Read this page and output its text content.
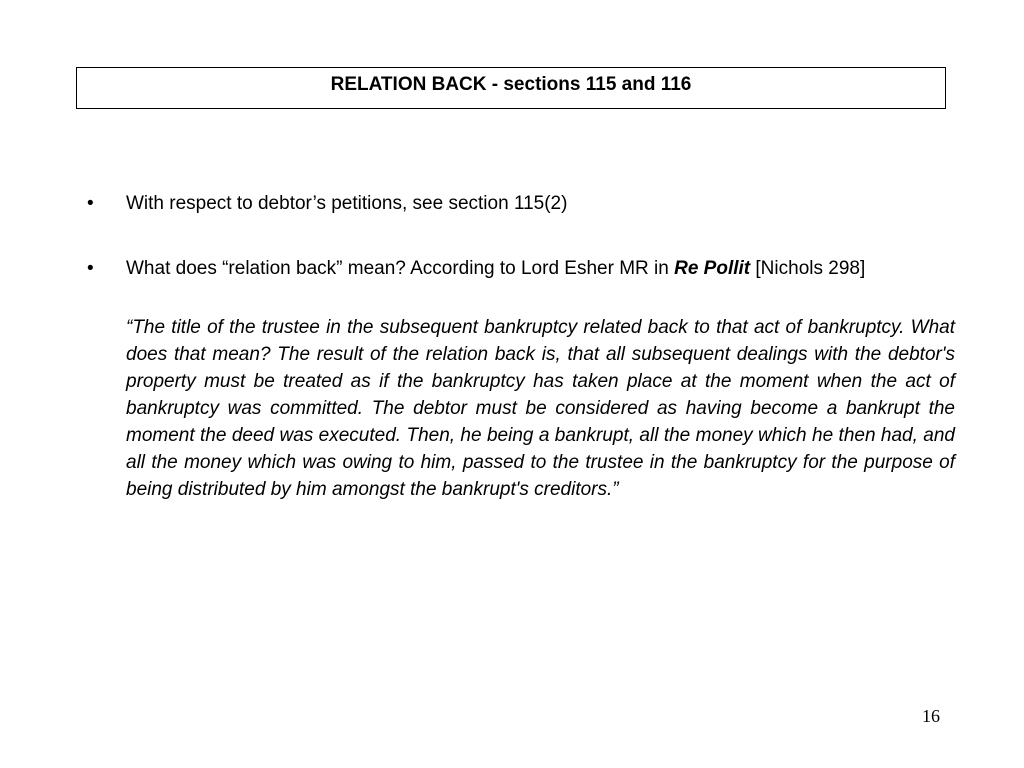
RELATION BACK - sections 115 and 116
• With respect to debtor’s petitions, see section 115(2)
• What does “relation back” mean? According to Lord Esher MR in Re Pollit [Nichols 298]
“The title of the trustee in the subsequent bankruptcy related back to that act of bankruptcy. What does that mean? The result of the relation back is, that all subsequent dealings with the debtor's property must be treated as if the bankruptcy has taken place at the moment when the act of bankruptcy was committed. The debtor must be considered as having become a bankrupt the moment the deed was executed. Then, he being a bankrupt, all the money which he then had, and all the money which was owing to him, passed to the trustee in the bankruptcy for the purpose of being distributed by him amongst the bankrupt's creditors.”
16
